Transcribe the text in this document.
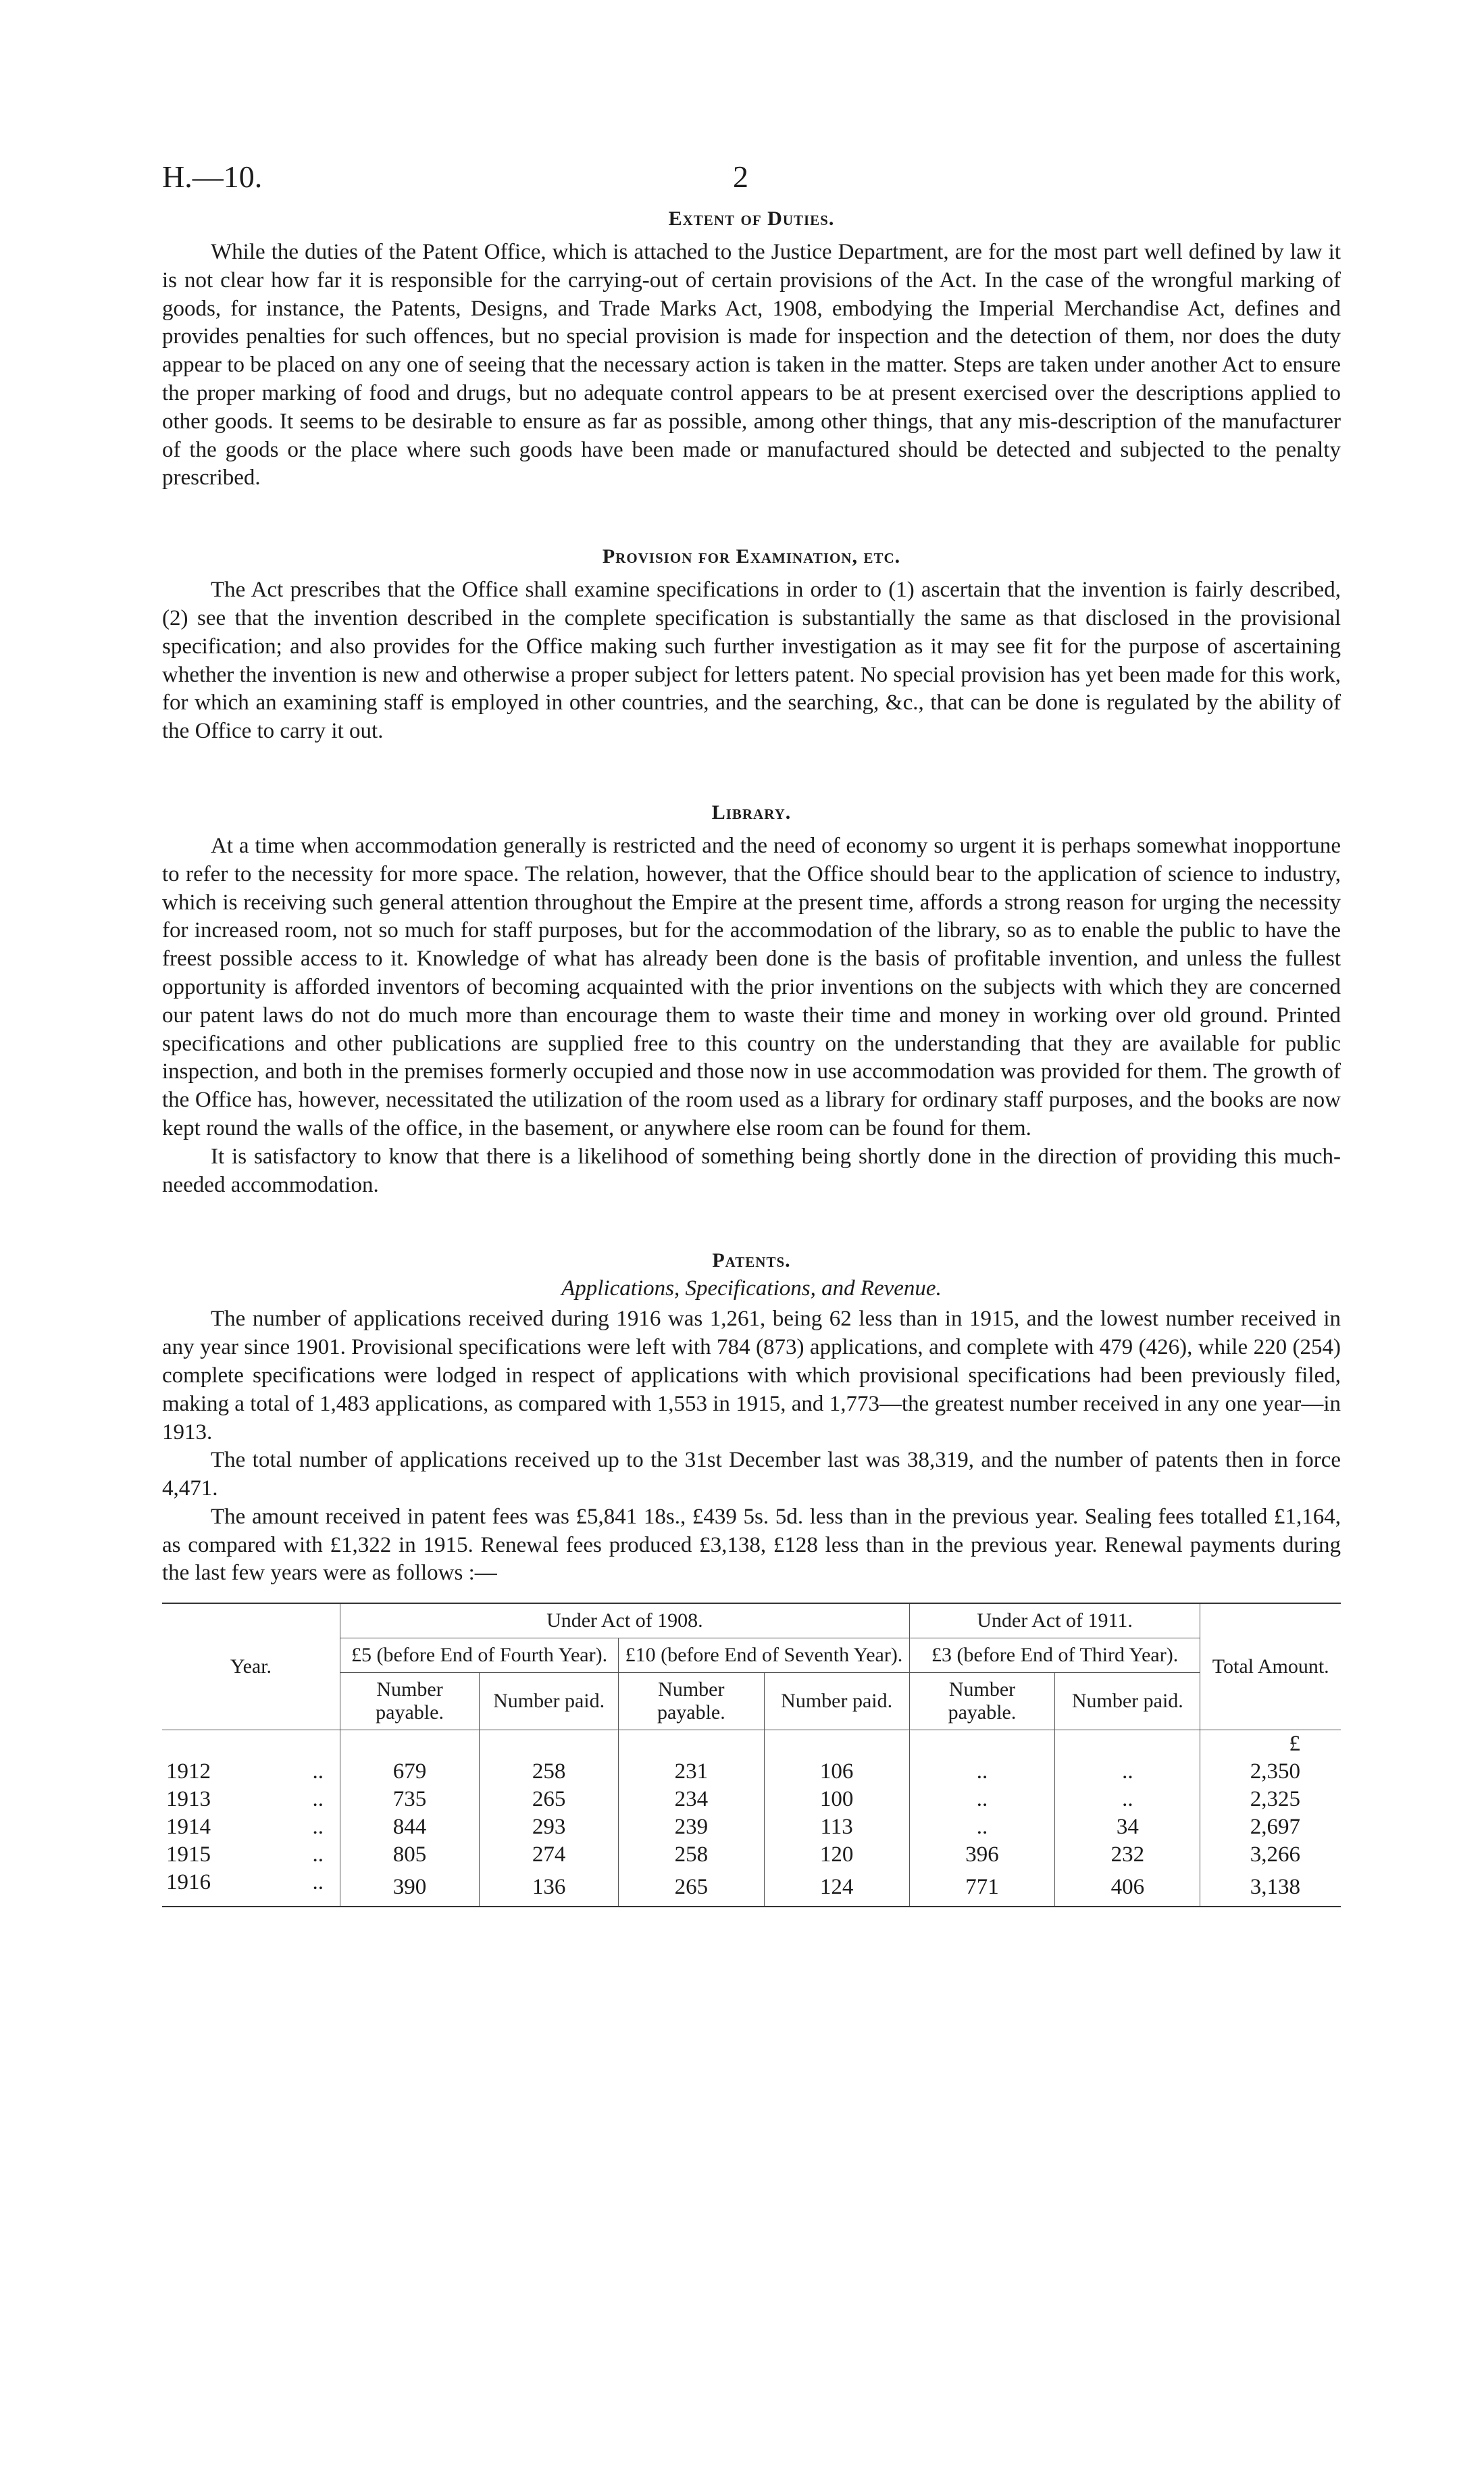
H.—10.	2
Extent of Duties.

While the duties of the Patent Office, which is attached to the Justice Department, are for the most part well defined by law it is not clear how far it is responsible for the carrying-out of certain provisions of the Act. In the case of the wrongful marking of goods, for instance, the Patents, Designs, and Trade Marks Act, 1908, embodying the Imperial Merchandise Act, defines and provides penalties for such offences, but no special provision is made for inspection and the detection of them, nor does the duty appear to be placed on any one of seeing that the necessary action is taken in the matter. Steps are taken under another Act to ensure the proper marking of food and drugs, but no adequate control appears to be at present exercised over the descriptions applied to other goods. It seems to be desirable to ensure as far as possible, among other things, that any mis-description of the manufacturer of the goods or the place where such goods have been made or manufactured should be detected and subjected to the penalty prescribed.

Provision for Examination, etc.

The Act prescribes that the Office shall examine specifications in order to (1) ascertain that the invention is fairly described, (2) see that the invention described in the complete specification is substantially the same as that disclosed in the provisional specification; and also provides for the Office making such further investigation as it may see fit for the purpose of ascertaining whether the invention is new and otherwise a proper subject for letters patent. No special provision has yet been made for this work, for which an examining staff is employed in other countries, and the searching, &c., that can be done is regulated by the ability of the Office to carry it out.

Library.

At a time when accommodation generally is restricted and the need of economy so urgent it is perhaps somewhat inopportune to refer to the necessity for more space. The relation, however, that the Office should bear to the application of science to industry, which is receiving such general attention throughout the Empire at the present time, affords a strong reason for urging the necessity for increased room, not so much for staff purposes, but for the accommodation of the library, so as to enable the public to have the freest possible access to it. Knowledge of what has already been done is the basis of profitable invention, and unless the fullest opportunity is afforded inventors of becoming acquainted with the prior inventions on the subjects with which they are concerned our patent laws do not do much more than encourage them to waste their time and money in working over old ground. Printed specifications and other publications are supplied free to this country on the understanding that they are available for public inspection, and both in the premises formerly occupied and those now in use accommodation was provided for them. The growth of the Office has, however, necessitated the utilization of the room used as a library for ordinary staff purposes, and the books are now kept round the walls of the office, in the basement, or anywhere else room can be found for them.

It is satisfactory to know that there is a likelihood of something being shortly done in the direction of providing this much-needed accommodation.

Patents.
Applications, Specifications, and Revenue.

The number of applications received during 1916 was 1,261, being 62 less than in 1915, and the lowest number received in any year since 1901. Provisional specifications were left with 784 (873) applications, and complete with 479 (426), while 220 (254) complete specifications were lodged in respect of applications with which provisional specifications had been previously filed, making a total of 1,483 applications, as compared with 1,553 in 1915, and 1,773—the greatest number received in any one year—in 1913.

The total number of applications received up to the 31st December last was 38,319, and the number of patents then in force 4,471.

The amount received in patent fees was £5,841 18s., £439 5s. 5d. less than in the previous year. Sealing fees totalled £1,164, as compared with £1,322 in 1915. Renewal fees produced £3,138, £128 less than in the previous year. Renewal payments during the last few years were as follows :—

Year.	Under Act of 1908.				Under Act of 1911.		Total Amount.
	£5 (before End of Fourth Year).		£10 (before End of Seventh Year).		£3 (before End of Third Year).		
	Number payable.	Number paid.	Number payable.	Number paid.	Number payable.	Number paid.	
							£
1912 ..	679	258	231	106	..	..	2,350
1913 ..	735	265	234	100	..	..	2,325
1914 ..	844	293	239	113	..	34	2,697
1915 ..	805	274	258	120	396	232	3,266
1916 ..	390	136	265	124	771	406	3,138
